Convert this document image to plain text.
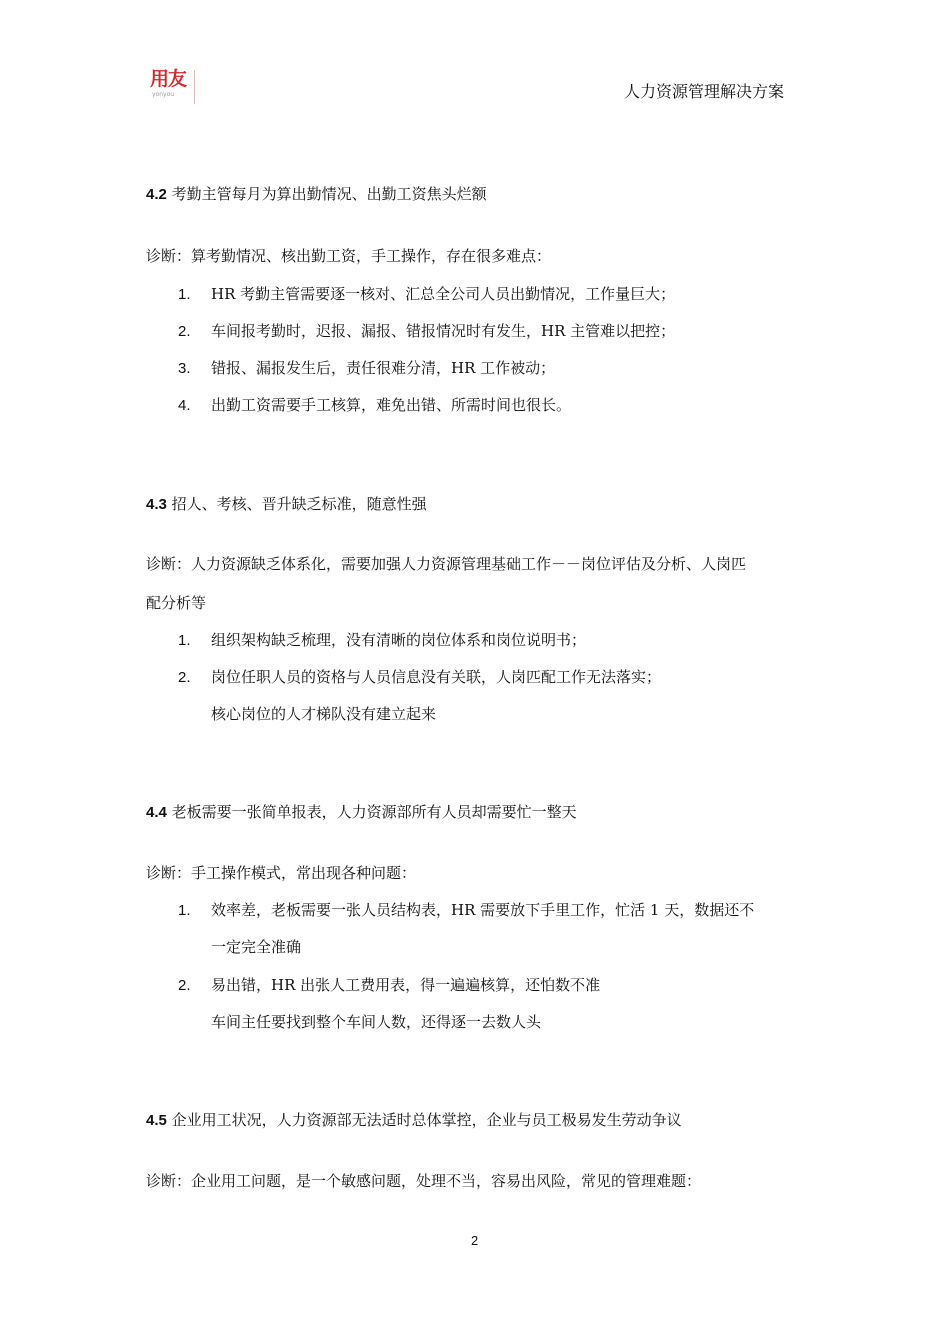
用友
yonyou	人力资源管理解决方案
4.2 考勤主管每月为算出勤情况、出勤工资焦头烂额
诊断：算考勤情况、核出勤工资，手工操作，存在很多难点：
1. HR 考勤主管需要逐一核对、汇总全公司人员出勤情况，工作量巨大；
2. 车间报考勤时，迟报、漏报、错报情况时有发生，HR 主管难以把控；
3. 错报、漏报发生后，责任很难分清，HR 工作被动；
4. 出勤工资需要手工核算，难免出错、所需时间也很长。
4.3 招人、考核、晋升缺乏标准，随意性强
诊断：人力资源缺乏体系化，需要加强人力资源管理基础工作－－岗位评估及分析、人岗匹
配分析等
1. 组织架构缺乏梳理，没有清晰的岗位体系和岗位说明书；
2. 岗位任职人员的资格与人员信息没有关联，人岗匹配工作无法落实；
核心岗位的人才梯队没有建立起来
4.4 老板需要一张简单报表，人力资源部所有人员却需要忙一整天
诊断：手工操作模式，常出现各种问题：
1. 效率差，老板需要一张人员结构表，HR 需要放下手里工作，忙活 1 天，数据还不
一定完全准确
2. 易出错，HR 出张人工费用表，得一遍遍核算，还怕数不准
车间主任要找到整个车间人数，还得逐一去数人头
4.5 企业用工状况，人力资源部无法适时总体掌控，企业与员工极易发生劳动争议
诊断：企业用工问题，是一个敏感问题，处理不当，容易出风险，常见的管理难题：
2
